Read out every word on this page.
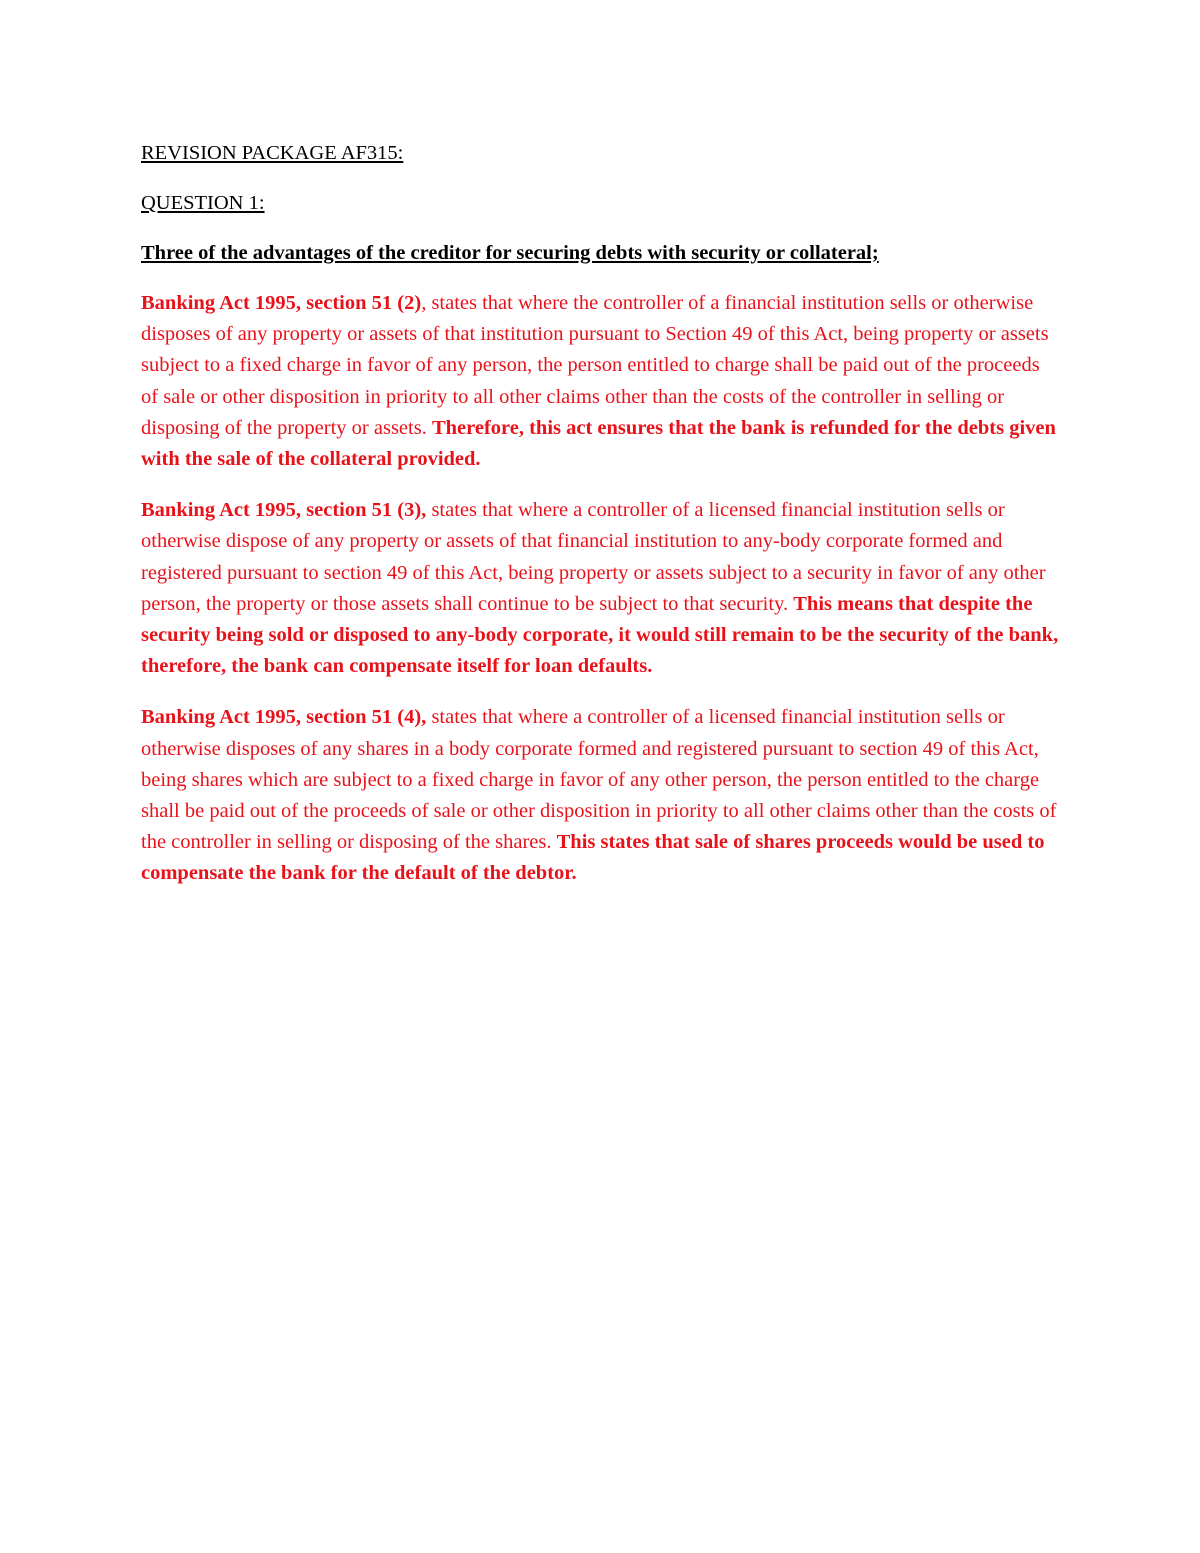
REVISION PACKAGE AF315:
QUESTION 1:
Three of the advantages of the creditor for securing debts with security or collateral;

Banking Act 1995, section 51 (2), states that where the controller of a financial institution sells or otherwise disposes of any property or assets of that institution pursuant to Section 49 of this Act, being property or assets subject to a fixed charge in favor of any person, the person entitled to charge shall be paid out of the proceeds of sale or other disposition in priority to all other claims other than the costs of the controller in selling or disposing of the property or assets. Therefore, this act ensures that the bank is refunded for the debts given with the sale of the collateral provided.

Banking Act 1995, section 51 (3), states that where a controller of a licensed financial institution sells or otherwise dispose of any property or assets of that financial institution to any-body corporate formed and registered pursuant to section 49 of this Act, being property or assets subject to a security in favor of any other person, the property or those assets shall continue to be subject to that security. This means that despite the security being sold or disposed to any-body corporate, it would still remain to be the security of the bank, therefore, the bank can compensate itself for loan defaults.

Banking Act 1995, section 51 (4), states that where a controller of a licensed financial institution sells or otherwise disposes of any shares in a body corporate formed and registered pursuant to section 49 of this Act, being shares which are subject to a fixed charge in favor of any other person, the person entitled to the charge shall be paid out of the proceeds of sale or other disposition in priority to all other claims other than the costs of the controller in selling or disposing of the shares. This states that sale of shares proceeds would be used to compensate the bank for the default of the debtor.
